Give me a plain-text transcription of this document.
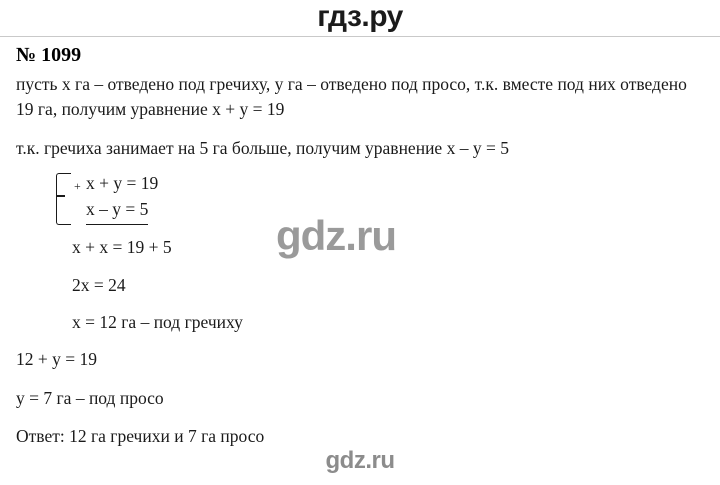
гдз.ру
№ 1099

пусть х га – отведено под гречиху, у га – отведено под просо, т.к. вместе под них отведено 19 га, получим уравнение х + у = 19

т.к. гречиха занимает на 5 га больше, получим уравнение х – у = 5

+ х + у = 19
х – у = 5

х + х = 19 + 5

2х = 24

х = 12 га – под гречиху

12 + у = 19

у = 7 га – под просо

Ответ: 12 га гречихи и 7 га просо

gdz.ru
gdz.ru
